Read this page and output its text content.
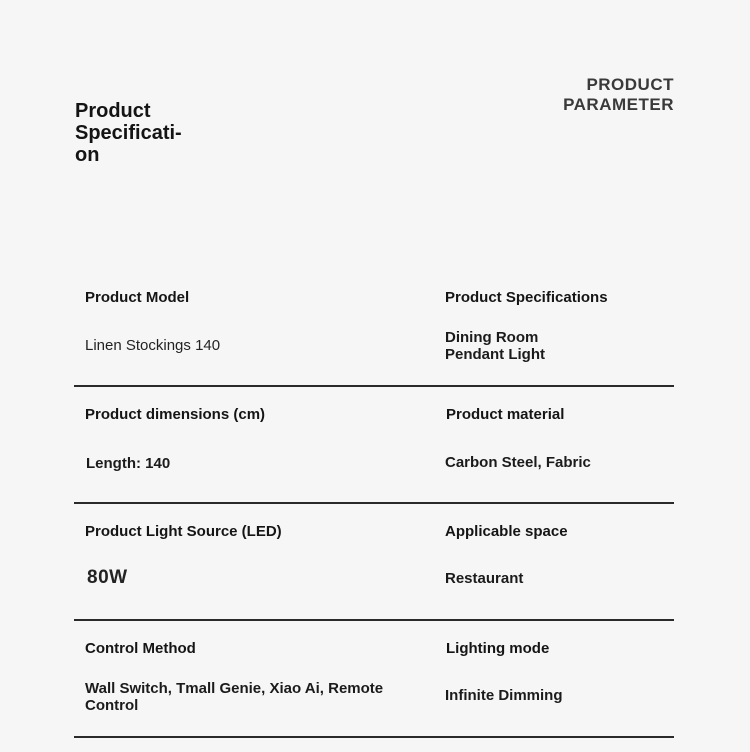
Product
Specificati-
on
PRODUCT
PARAMETER
Product Model
Linen Stockings 140
Product Specifications
Dining Room
Pendant Light
Product dimensions (cm)
Length: 140
Product material
Carbon Steel, Fabric
Product Light Source (LED)
80W
Applicable space
Restaurant
Control Method
Wall Switch, Tmall Genie, Xiao Ai, Remote
Control
Lighting mode
Infinite Dimming
